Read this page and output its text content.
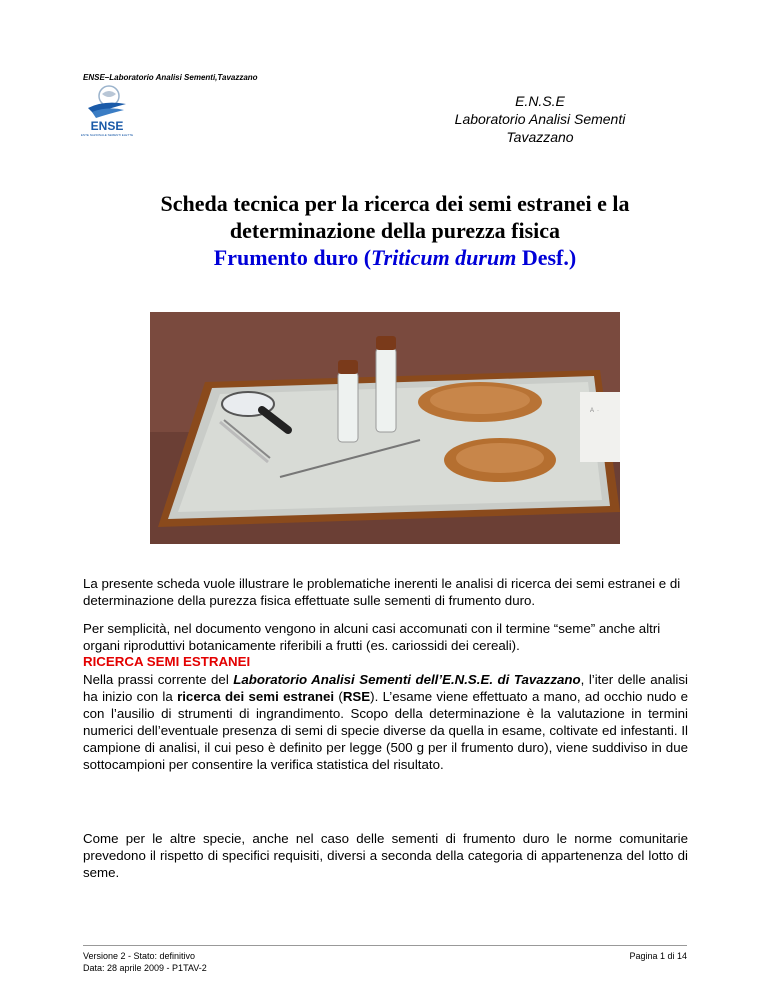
ENSE–Laboratorio Analisi Sementi,Tavazzano
ENSE
ENTE NAZIONALE SEMENTI ELETTE
E.N.S.E
Laboratorio Analisi Sementi
Tavazzano
Scheda tecnica per la ricerca dei semi estranei e la
determinazione della purezza fisica
Frumento duro (Triticum durum Desf.)
A ·
La presente scheda vuole illustrare le problematiche inerenti le analisi di ricerca dei semi estranei e di determinazione della purezza fisica effettuate sulle sementi di frumento duro.
Per semplicità, nel documento vengono in alcuni casi accomunati con il termine “seme” anche altri organi riproduttivi botanicamente riferibili a frutti (es. cariossidi dei cereali).
RICERCA SEMI ESTRANEI
Nella prassi corrente del Laboratorio Analisi Sementi dell’E.N.S.E. di Tavazzano, l’iter delle analisi ha inizio con la ricerca dei semi estranei (RSE). L’esame viene effettuato a mano, ad occhio nudo e con l’ausilio di strumenti di ingrandimento. Scopo della determinazione è la valutazione in termini numerici dell’eventuale presenza di semi di specie diverse da quella in esame, coltivate ed infestanti. Il campione di analisi, il cui peso è definito per legge (500 g per il frumento duro), viene suddiviso in due sottocampioni per consentire la verifica statistica del risultato.
Come per le altre specie, anche nel caso delle sementi di frumento duro le norme comunitarie prevedono il rispetto di specifici requisiti, diversi a seconda della categoria di appartenenza del lotto di seme.
Versione 2 - Stato: definitivo
Data: 28 aprile 2009 - P1TAV-2
Pagina 1 di 14
